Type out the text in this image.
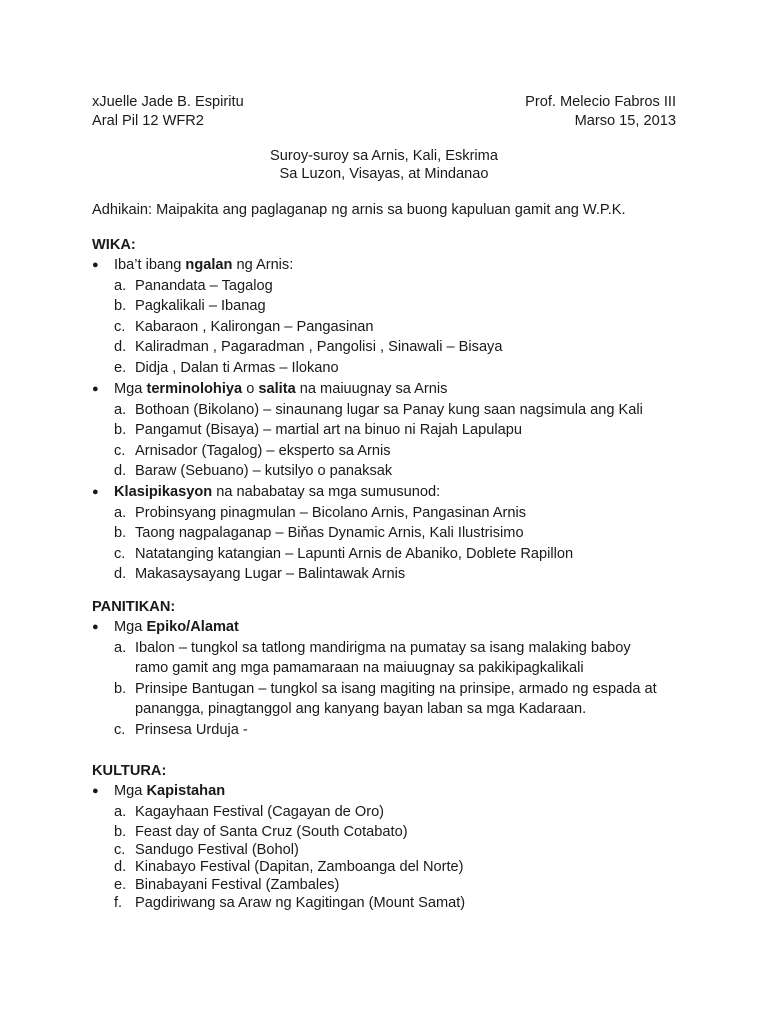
xJuelle Jade B. Espiritu
Aral Pil 12 WFR2
Prof. Melecio Fabros III
Marso 15, 2013
Suroy-suroy sa Arnis, Kali, Eskrima
Sa Luzon, Visayas, at Mindanao
Adhikain: Maipakita ang paglaganap ng arnis sa buong kapuluan gamit ang W.P.K.
WIKA:
● Iba’t ibang ngalan ng Arnis:
a. Panandata – Tagalog
b. Pagkalikali – Ibanag
c. Kabaraon , Kalirongan – Pangasinan
d. Kaliradman , Pagaradman , Pangolisi , Sinawali – Bisaya
e. Didja , Dalan ti Armas – Ilokano
● Mga terminolohiya o salita na maiuugnay sa Arnis
a. Bothoan (Bikolano) – sinaunang lugar sa Panay kung saan nagsimula ang Kali
b. Pangamut (Bisaya) – martial art na binuo ni Rajah Lapulapu
c. Arnisador (Tagalog) – eksperto sa Arnis
d. Baraw (Sebuano) – kutsilyo o panaksak
● Klasipikasyon na nababatay sa mga sumusunod:
a. Probinsyang pinagmulan – Bicolano Arnis, Pangasinan Arnis
b. Taong nagpalaganap – Biňas Dynamic Arnis, Kali Ilustrisimo
c. Natatanging katangian – Lapunti Arnis de Abaniko, Doblete Rapillon
d. Makasaysayang Lugar – Balintawak Arnis
PANITIKAN:
● Mga Epiko/Alamat
a. Ibalon – tungkol sa tatlong mandirigma na pumatay sa isang malaking baboy
ramo gamit ang mga pamamaraan na maiuugnay sa pakikipagkalikali
b. Prinsipe Bantugan – tungkol sa isang magiting na prinsipe, armado ng espada at
panangga, pinagtanggol ang kanyang bayan laban sa mga Kadaraan.
c. Prinsesa Urduja -
KULTURA:
● Mga Kapistahan
a. Kagayhaan Festival (Cagayan de Oro)
b. Feast day of Santa Cruz (South Cotabato)
c. Sandugo Festival (Bohol)
d. Kinabayo Festival (Dapitan, Zamboanga del Norte)
e. Binabayani Festival (Zambales)
f. Pagdiriwang sa Araw ng Kagitingan (Mount Samat)
